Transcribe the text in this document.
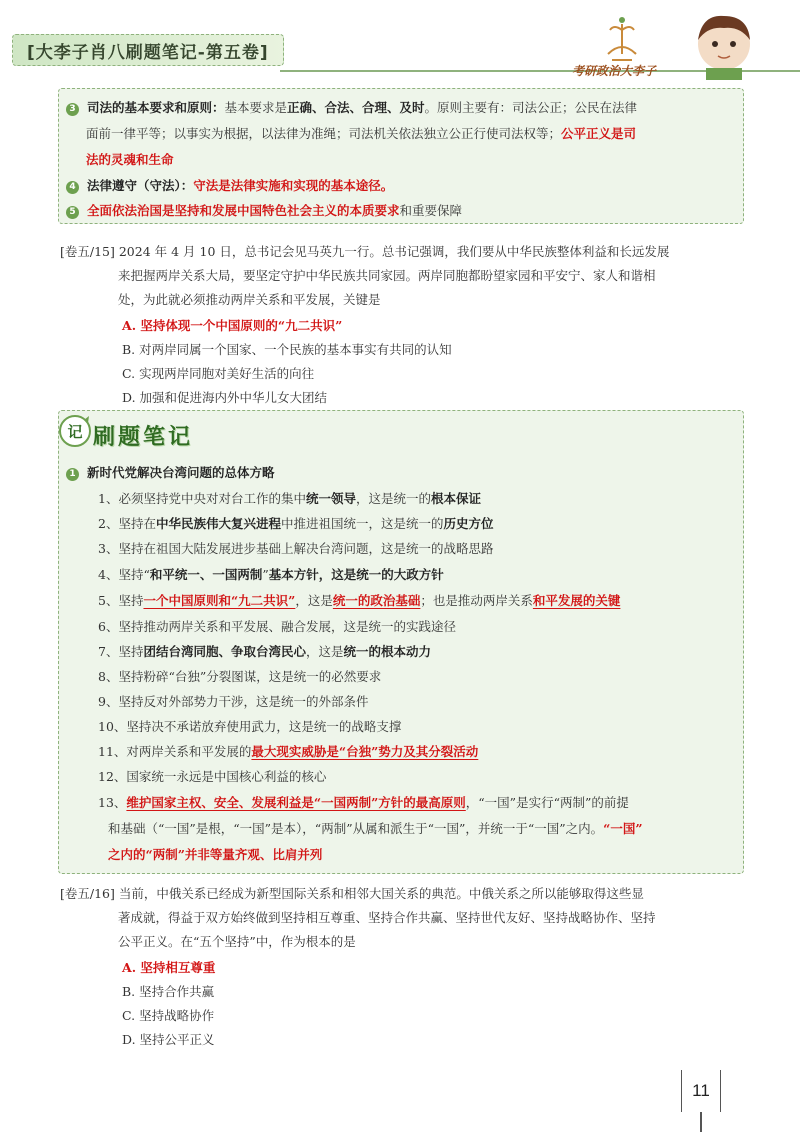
[大李子肖八刷题笔记-第五卷]
考研政治大李子
3 司法的基本要求和原则：基本要求是正确、合法、合理、及时。原则主要有：司法公正；公民在法律
面前一律平等；以事实为根据，以法律为准绳；司法机关依法独立公正行使司法权等；公平正义是司
法的灵魂和生命
4 法律遵守（守法）：守法是法律实施和实现的基本途径。
5 全面依法治国是坚持和发展中国特色社会主义的本质要求和重要保障
[卷五/15] 2024 年 4 月 10 日，总书记会见马英九一行。总书记强调，我们要从中华民族整体利益和长远发展
来把握两岸关系大局，要坚定守护中华民族共同家园。两岸同胞都盼望家园和平安宁、家人和谐相
处，为此就必须推动两岸关系和平发展，关键是
A. 坚持体现一个中国原则的“九二共识”
B. 对两岸同属一个国家、一个民族的基本事实有共同的认知
C. 实现两岸同胞对美好生活的向往
D. 加强和促进海内外中华儿女大团结
记 刷题笔记
1 新时代党解决台湾问题的总体方略
1、必须坚持党中央对对台工作的集中统一领导，这是统一的根本保证
2、坚持在中华民族伟大复兴进程中推进祖国统一，这是统一的历史方位
3、坚持在祖国大陆发展进步基础上解决台湾问题，这是统一的战略思路
4、坚持“和平统一、一国两制”基本方针，这是统一的大政方针
5、坚持一个中国原则和“九二共识”，这是统一的政治基础；也是推动两岸关系和平发展的关键
6、坚持推动两岸关系和平发展、融合发展，这是统一的实践途径
7、坚持团结台湾同胞、争取台湾民心，这是统一的根本动力
8、坚持粉碎“台独”分裂图谋，这是统一的必然要求
9、坚持反对外部势力干涉，这是统一的外部条件
10、坚持决不承诺放弃使用武力，这是统一的战略支撑
11、对两岸关系和平发展的最大现实威胁是“台独”势力及其分裂活动
12、国家统一永远是中国核心利益的核心
13、维护国家主权、安全、发展利益是“一国两制”方针的最高原则，“一国”是实行“两制”的前提
和基础（“一国”是根，“一国”是本），“两制”从属和派生于“一国”，并统一于“一国”之内。“一国”
之内的“两制”并非等量齐观、比肩并列
[卷五/16] 当前，中俄关系已经成为新型国际关系和相邻大国关系的典范。中俄关系之所以能够取得这些显
著成就，得益于双方始终做到坚持相互尊重、坚持合作共赢、坚持世代友好、坚持战略协作、坚持
公平正义。在“五个坚持”中，作为根本的是
A. 坚持相互尊重
B. 坚持合作共赢
C. 坚持战略协作
D. 坚持公平正义
11
